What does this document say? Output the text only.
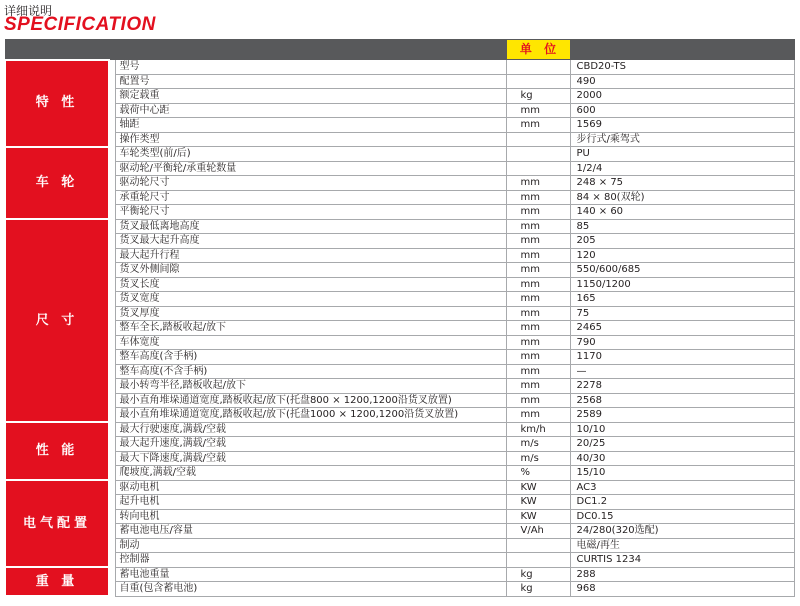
详细说明
SPECIFICATION
			单 位	
特 性		型号		CBD20-TS
		配置号		490
		额定载重	kg	2000
		载荷中心距	mm	600
		轴距	mm	1569
		操作类型		步行式/乘驾式
车 轮		车轮类型(前/后)		PU
		驱动轮/平衡轮/承重轮数量		1/2/4
		驱动轮尺寸	mm	248 × 75
		承重轮尺寸	mm	84 × 80(双轮)
		平衡轮尺寸	mm	140 × 60
尺 寸		货叉最低离地高度	mm	85
		货叉最大起升高度	mm	205
		最大起升行程	mm	120
		货叉外侧间隙	mm	550/600/685
		货叉长度	mm	1150/1200
		货叉宽度	mm	165
		货叉厚度	mm	75
		整车全长,踏板收起/放下	mm	2465
		车体宽度	mm	790
		整车高度(含手柄)	mm	1170
		整车高度(不含手柄)	mm	—
		最小转弯半径,踏板收起/放下	mm	2278
		最小直角堆垛通道宽度,踏板收起/放下(托盘800 × 1200,1200沿货叉放置)	mm	2568
		最小直角堆垛通道宽度,踏板收起/放下(托盘1000 × 1200,1200沿货叉放置)	mm	2589
性 能		最大行驶速度,满载/空载	km/h	10/10
		最大起升速度,满载/空载	m/s	20/25
		最大下降速度,满载/空载	m/s	40/30
		爬坡度,满载/空载	%	15/10
电气配置		驱动电机	KW	AC3
		起升电机	KW	DC1.2
		转向电机	KW	DC0.15
		蓄电池电压/容量	V/Ah	24/280(320选配)
		制动		电磁/再生
		控制器		CURTIS 1234
重 量		蓄电池重量	kg	288
		自重(包含蓄电池)	kg	968
